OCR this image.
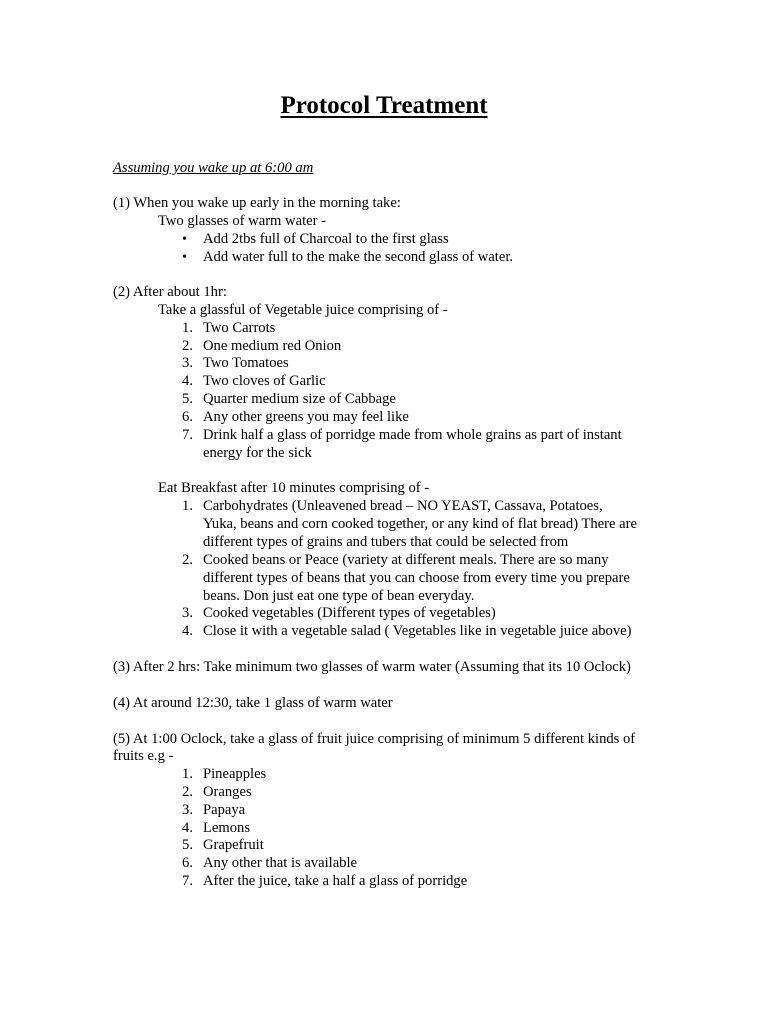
Protocol Treatment
Assuming you wake up at 6:00 am
(1) When you wake up early in the morning take:
Two glasses of warm water -
• Add 2tbs full of Charcoal to the first glass
• Add water full to the make the second glass of water.
(2) After about 1hr:
Take a glassful of Vegetable juice comprising of -
1. Two Carrots
2. One medium red Onion
3. Two Tomatoes
4. Two cloves of Garlic
5. Quarter medium size of Cabbage
6. Any other greens you may feel like
7. Drink half a glass of porridge made from whole grains as part of instant
energy for the sick
Eat Breakfast after 10 minutes comprising of -
1. Carbohydrates (Unleavened bread – NO YEAST, Cassava, Potatoes,
Yuka, beans and corn cooked together, or any kind of flat bread) There are
different types of grains and tubers that could be selected from
2. Cooked beans or Peace (variety at different meals. There are so many
different types of beans that you can choose from every time you prepare
beans. Don just eat one type of bean everyday.
3. Cooked vegetables (Different types of vegetables)
4. Close it with a vegetable salad ( Vegetables like in vegetable juice above)
(3) After 2 hrs: Take minimum two glasses of warm water (Assuming that its 10 Oclock)
(4) At around 12:30, take 1 glass of warm water
(5) At 1:00 Oclock, take a glass of fruit juice comprising of minimum 5 different kinds of
fruits e.g -
1. Pineapples
2. Oranges
3. Papaya
4. Lemons
5. Grapefruit
6. Any other that is available
7. After the juice, take a half a glass of porridge
